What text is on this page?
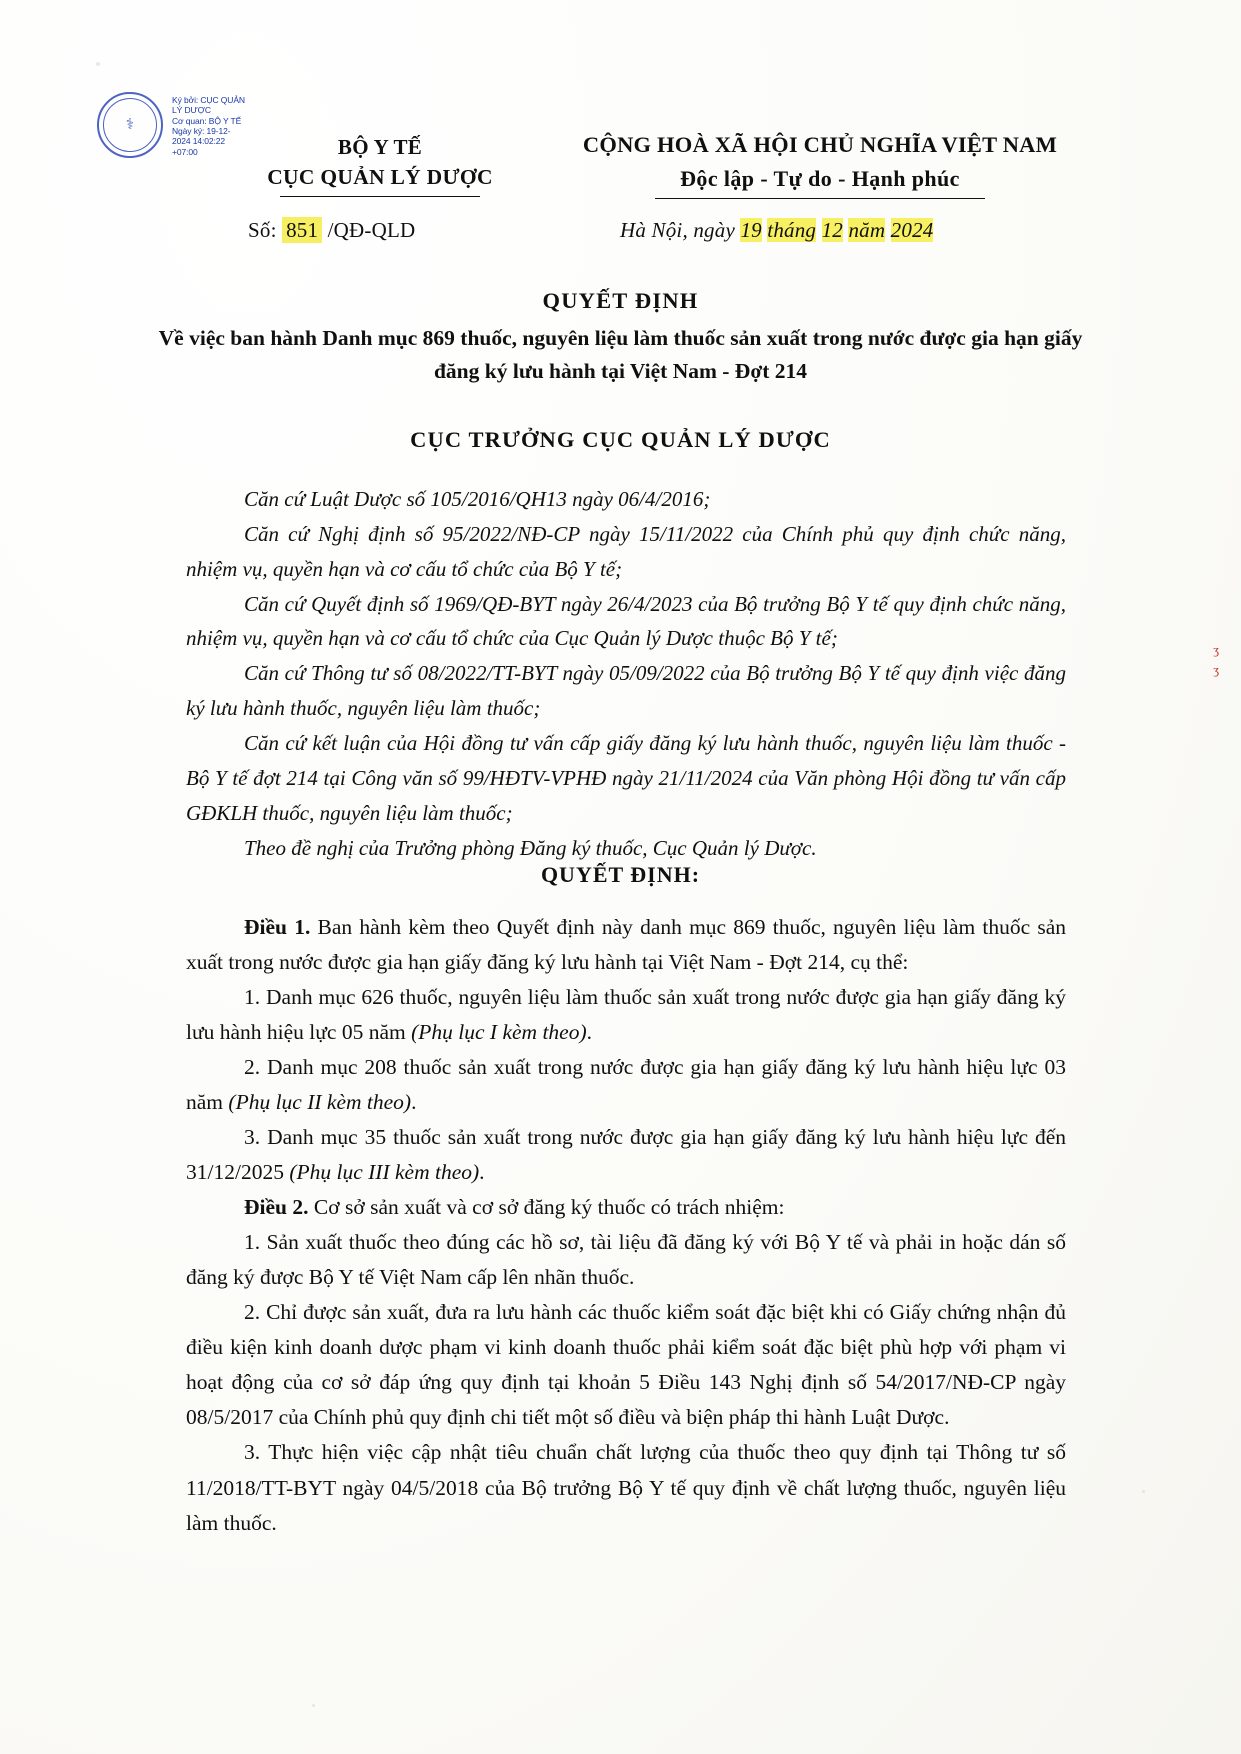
⚕
Ký bởi: CỤC QUẢN
LÝ DƯỢC
Cơ quan: BỘ Y TẾ
Ngày ký: 19-12-
2024 14:02:22
+07:00	BỘ Y TẾ
CỤC QUẢN LÝ DƯỢC
CỘNG HOÀ XÃ HỘI CHỦ NGHĨA VIỆT NAM
Độc lập - Tự do - Hạnh phúc
Số: 851 /QĐ-QLD	Hà Nội, ngày 19 tháng 12 năm 2024
QUYẾT ĐỊNH
Về việc ban hành Danh mục 869 thuốc, nguyên liệu làm thuốc sản xuất trong nước được gia hạn giấy đăng ký lưu hành tại Việt Nam - Đợt 214
CỤC TRƯỞNG CỤC QUẢN LÝ DƯỢC

Căn cứ Luật Dược số 105/2016/QH13 ngày 06/4/2016;

Căn cứ Nghị định số 95/2022/NĐ-CP ngày 15/11/2022 của Chính phủ quy định chức năng, nhiệm vụ, quyền hạn và cơ cấu tổ chức của Bộ Y tế;

Căn cứ Quyết định số 1969/QĐ-BYT ngày 26/4/2023 của Bộ trưởng Bộ Y tế quy định chức năng, nhiệm vụ, quyền hạn và cơ cấu tổ chức của Cục Quản lý Dược thuộc Bộ Y tế;

Căn cứ Thông tư số 08/2022/TT-BYT ngày 05/09/2022 của Bộ trưởng Bộ Y tế quy định việc đăng ký lưu hành thuốc, nguyên liệu làm thuốc;

Căn cứ kết luận của Hội đồng tư vấn cấp giấy đăng ký lưu hành thuốc, nguyên liệu làm thuốc - Bộ Y tế đợt 214 tại Công văn số 99/HĐTV-VPHĐ ngày 21/11/2024 của Văn phòng Hội đồng tư vấn cấp GĐKLH thuốc, nguyên liệu làm thuốc;

Theo đề nghị của Trưởng phòng Đăng ký thuốc, Cục Quản lý Dược.

QUYẾT ĐỊNH:

Điều 1. Ban hành kèm theo Quyết định này danh mục 869 thuốc, nguyên liệu làm thuốc sản xuất trong nước được gia hạn giấy đăng ký lưu hành tại Việt Nam - Đợt 214, cụ thể:

1. Danh mục 626 thuốc, nguyên liệu làm thuốc sản xuất trong nước được gia hạn giấy đăng ký lưu hành hiệu lực 05 năm (Phụ lục I kèm theo).

2. Danh mục 208 thuốc sản xuất trong nước được gia hạn giấy đăng ký lưu hành hiệu lực 03 năm (Phụ lục II kèm theo).

3. Danh mục 35 thuốc sản xuất trong nước được gia hạn giấy đăng ký lưu hành hiệu lực đến 31/12/2025 (Phụ lục III kèm theo).

Điều 2. Cơ sở sản xuất và cơ sở đăng ký thuốc có trách nhiệm:

1. Sản xuất thuốc theo đúng các hồ sơ, tài liệu đã đăng ký với Bộ Y tế và phải in hoặc dán số đăng ký được Bộ Y tế Việt Nam cấp lên nhãn thuốc.

2. Chỉ được sản xuất, đưa ra lưu hành các thuốc kiểm soát đặc biệt khi có Giấy chứng nhận đủ điều kiện kinh doanh dược phạm vi kinh doanh thuốc phải kiểm soát đặc biệt phù hợp với phạm vi hoạt động của cơ sở đáp ứng quy định tại khoản 5 Điều 143 Nghị định số 54/2017/NĐ-CP ngày 08/5/2017 của Chính phủ quy định chi tiết một số điều và biện pháp thi hành Luật Dược.

3. Thực hiện việc cập nhật tiêu chuẩn chất lượng của thuốc theo quy định tại Thông tư số 11/2018/TT-BYT ngày 04/5/2018 của Bộ trưởng Bộ Y tế quy định về chất lượng thuốc, nguyên liệu làm thuốc.

ʒ
ʒ
